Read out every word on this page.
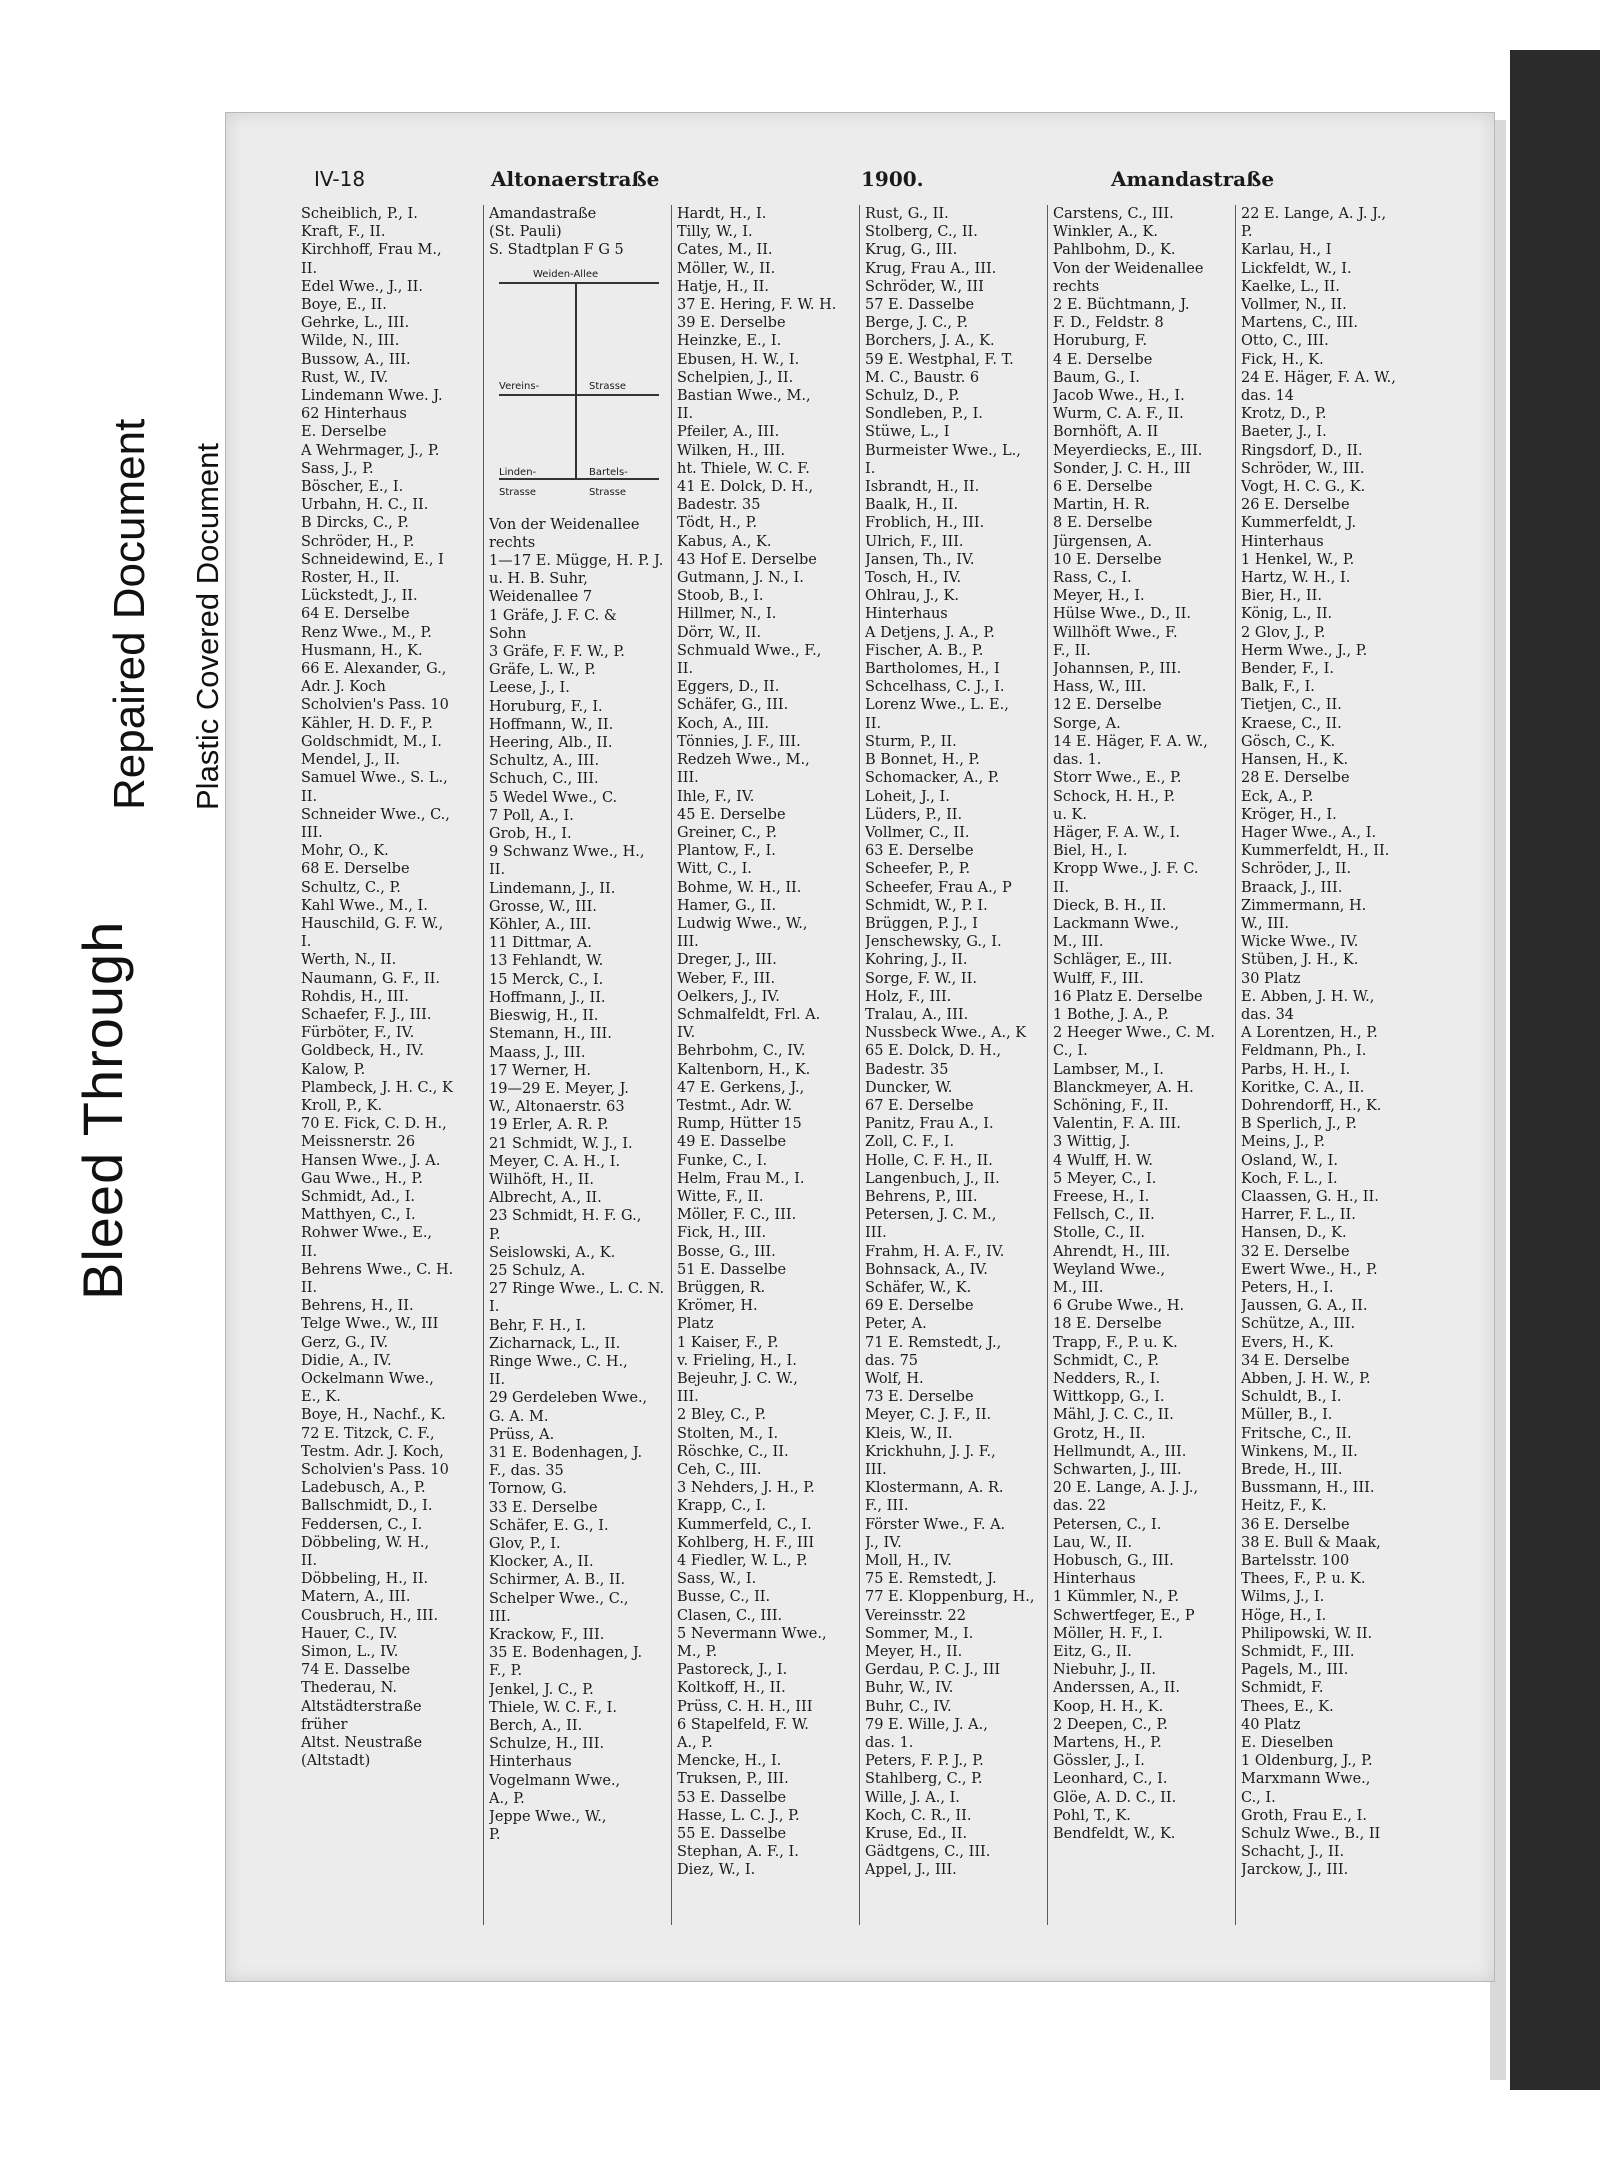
Bleed Through
Repaired Document Plastic Covered Document
IV-18	Altonaerstraße	1900.	Amandastraße
Scheiblich, P., I.
Kraft, F., II.
Kirchhoff, Frau M.,
II.
Edel Wwe., J., II.
Boye, E., II.
Gehrke, L., III.
Wilde, N., III.
Bussow, A., III.
Rust, W., IV.
Lindemann Wwe. J.
62 Hinterhaus
E. Derselbe
A Wehrmager, J., P.
Sass, J., P.
Böscher, E., I.
Urbahn, H. C., II.
B Dircks, C., P.
Schröder, H., P.
Schneidewind, E., I
Roster, H., II.
Lückstedt, J., II.
64 E. Derselbe
Renz Wwe., M., P.
Husmann, H., K.
66 E. Alexander, G.,
Adr. J. Koch
Scholvien's Pass. 10
Kähler, H. D. F., P.
Goldschmidt, M., I.
Mendel, J., II.
Samuel Wwe., S. L.,
II.
Schneider Wwe., C.,
III.
Mohr, O., K.
68 E. Derselbe
Schultz, C., P.
Kahl Wwe., M., I.
Hauschild, G. F. W.,
I.
Werth, N., II.
Naumann, G. F., II.
Rohdis, H., III.
Schaefer, F. J., III.
Fürböter, F., IV.
Goldbeck, H., IV.
Kalow, P.
Plambeck, J. H. C., K
Kroll, P., K.
70 E. Fick, C. D. H.,
Meissnerstr. 26
Hansen Wwe., J. A.
Gau Wwe., H., P.
Schmidt, Ad., I.
Matthyen, C., I.
Rohwer Wwe., E.,
II.
Behrens Wwe., C. H.
II.
Behrens, H., II.
Telge Wwe., W., III
Gerz, G., IV.
Didie, A., IV.
Ockelmann Wwe.,
E., K.
Boye, H., Nachf., K.
72 E. Titzck, C. F.,
Testm. Adr. J. Koch,
Scholvien's Pass. 10
Ladebusch, A., P.
Ballschmidt, D., I.
Feddersen, C., I.
Döbbeling, W. H.,
II.
Döbbeling, H., II.
Matern, A., III.
Cousbruch, H., III.
Hauer, C., IV.
Simon, L., IV.
74 E. Dasselbe
Thederau, N.
Altstädterstraße
früher
Altst. Neustraße
(Altstadt)
Amandastraße
(St. Pauli)
S. Stadtplan F G 5
Weiden-Allee
Vereins-	Strasse
Linden-	Bartels-
Strasse	Strasse
Von der Weidenallee
rechts
1—17 E. Mügge, H. P. J.
u. H. B. Suhr,
Weidenallee 7
1 Gräfe, J. F. C. &
Sohn
3 Gräfe, F. F. W., P.
Gräfe, L. W., P.
Leese, J., I.
Horuburg, F., I.
Hoffmann, W., II.
Heering, Alb., II.
Schultz, A., III.
Schuch, C., III.
5 Wedel Wwe., C.
7 Poll, A., I.
Grob, H., I.
9 Schwanz Wwe., H.,
II.
Lindemann, J., II.
Grosse, W., III.
Köhler, A., III.
11 Dittmar, A.
13 Fehlandt, W.
15 Merck, C., I.
Hoffmann, J., II.
Bieswig, H., II.
Stemann, H., III.
Maass, J., III.
17 Werner, H.
19—29 E. Meyer, J.
W., Altonaerstr. 63
19 Erler, A. R. P.
21 Schmidt, W. J., I.
Meyer, C. A. H., I.
Wilhöft, H., II.
Albrecht, A., II.
23 Schmidt, H. F. G.,
P.
Seislowski, A., K.
25 Schulz, A.
27 Ringe Wwe., L. C. N.
I.
Behr, F. H., I.
Zicharnack, L., II.
Ringe Wwe., C. H.,
II.
29 Gerdeleben Wwe.,
G. A. M.
Prüss, A.
31 E. Bodenhagen, J.
F., das. 35
Tornow, G.
33 E. Derselbe
Schäfer, E. G., I.
Glov, P., I.
Klocker, A., II.
Schirmer, A. B., II.
Schelper Wwe., C.,
III.
Krackow, F., III.
35 E. Bodenhagen, J.
F., P.
Jenkel, J. C., P.
Thiele, W. C. F., I.
Berch, A., II.
Schulze, H., III.
Hinterhaus
Vogelmann Wwe.,
A., P.
Jeppe Wwe., W.,
P.
Hardt, H., I.
Tilly, W., I.
Cates, M., II.
Möller, W., II.
Hatje, H., II.
37 E. Hering, F. W. H.
39 E. Derselbe
Heinzke, E., I.
Ebusen, H. W., I.
Schelpien, J., II.
Bastian Wwe., M.,
II.
Pfeiler, A., III.
Wilken, H., III.
ht. Thiele, W. C. F.
41 E. Dolck, D. H.,
Badestr. 35
Tödt, H., P.
Kabus, A., K.
43 Hof E. Derselbe
Gutmann, J. N., I.
Stoob, B., I.
Hillmer, N., I.
Dörr, W., II.
Schmuald Wwe., F.,
II.
Eggers, D., II.
Schäfer, G., III.
Koch, A., III.
Tönnies, J. F., III.
Redzeh Wwe., M.,
III.
Ihle, F., IV.
45 E. Derselbe
Greiner, C., P.
Plantow, F., I.
Witt, C., I.
Bohme, W. H., II.
Hamer, G., II.
Ludwig Wwe., W.,
III.
Dreger, J., III.
Weber, F., III.
Oelkers, J., IV.
Schmalfeldt, Frl. A.
IV.
Behrbohm, C., IV.
Kaltenborn, H., K.
47 E. Gerkens, J.,
Testmt., Adr. W.
Rump, Hütter 15
49 E. Dasselbe
Funke, C., I.
Helm, Frau M., I.
Witte, F., II.
Möller, F. C., III.
Fick, H., III.
Bosse, G., III.
51 E. Dasselbe
Brüggen, R.
Krömer, H.
Platz
1 Kaiser, F., P.
v. Frieling, H., I.
Bejeuhr, J. C. W.,
III.
2 Bley, C., P.
Stolten, M., I.
Röschke, C., II.
Ceh, C., III.
3 Nehders, J. H., P.
Krapp, C., I.
Kummerfeld, C., I.
Kohlberg, H. F., III
4 Fiedler, W. L., P.
Sass, W., I.
Busse, C., II.
Clasen, C., III.
5 Nevermann Wwe.,
M., P.
Pastoreck, J., I.
Koltkoff, H., II.
Prüss, C. H. H., III
6 Stapelfeld, F. W.
A., P.
Mencke, H., I.
Truksen, P., III.
53 E. Dasselbe
Hasse, L. C. J., P.
55 E. Dasselbe
Stephan, A. F., I.
Diez, W., I.
Rust, G., II.
Stolberg, C., II.
Krug, G., III.
Krug, Frau A., III.
Schröder, W., III
57 E. Dasselbe
Berge, J. C., P.
Borchers, J. A., K.
59 E. Westphal, F. T.
M. C., Baustr. 6
Schulz, D., P.
Sondleben, P., I.
Stüwe, L., I
Burmeister Wwe., L.,
I.
Isbrandt, H., II.
Baalk, H., II.
Froblich, H., III.
Ulrich, F., III.
Jansen, Th., IV.
Tosch, H., IV.
Ohlrau, J., K.
Hinterhaus
A Detjens, J. A., P.
Fischer, A. B., P.
Bartholomes, H., I
Schcelhass, C. J., I.
Lorenz Wwe., L. E.,
II.
Sturm, P., II.
B Bonnet, H., P.
Schomacker, A., P.
Loheit, J., I.
Lüders, P., II.
Vollmer, C., II.
63 E. Derselbe
Scheefer, P., P.
Scheefer, Frau A., P
Schmidt, W., P. I.
Brüggen, P. J., I
Jenschewsky, G., I.
Kohring, J., II.
Sorge, F. W., II.
Holz, F., III.
Tralau, A., III.
Nussbeck Wwe., A., K
65 E. Dolck, D. H.,
Badestr. 35
Duncker, W.
67 E. Derselbe
Panitz, Frau A., I.
Zoll, C. F., I.
Holle, C. F. H., II.
Langenbuch, J., II.
Behrens, P., III.
Petersen, J. C. M.,
III.
Frahm, H. A. F., IV.
Bohnsack, A., IV.
Schäfer, W., K.
69 E. Derselbe
Peter, A.
71 E. Remstedt, J.,
das. 75
Wolf, H.
73 E. Derselbe
Meyer, C. J. F., II.
Kleis, W., II.
Krickhuhn, J. J. F.,
III.
Klostermann, A. R.
F., III.
Förster Wwe., F. A.
J., IV.
Moll, H., IV.
75 E. Remstedt, J.
77 E. Kloppenburg, H.,
Vereinsstr. 22
Sommer, M., I.
Meyer, H., II.
Gerdau, P. C. J., III
Buhr, W., IV.
Buhr, C., IV.
79 E. Wille, J. A.,
das. 1.
Peters, F. P. J., P.
Stahlberg, C., P.
Wille, J. A., I.
Koch, C. R., II.
Kruse, Ed., II.
Gädtgens, C., III.
Appel, J., III.
Carstens, C., III.
Winkler, A., K.
Pahlbohm, D., K.
Von der Weidenallee
rechts
2 E. Büchtmann, J.
F. D., Feldstr. 8
Horuburg, F.
4 E. Derselbe
Baum, G., I.
Jacob Wwe., H., I.
Wurm, C. A. F., II.
Bornhöft, A. II
Meyerdiecks, E., III.
Sonder, J. C. H., III
6 E. Derselbe
Martin, H. R.
8 E. Derselbe
Jürgensen, A.
10 E. Derselbe
Rass, C., I.
Meyer, H., I.
Hülse Wwe., D., II.
Willhöft Wwe., F.
F., II.
Johannsen, P., III.
Hass, W., III.
12 E. Derselbe
Sorge, A.
14 E. Häger, F. A. W.,
das. 1.
Storr Wwe., E., P.
Schock, H. H., P.
u. K.
Häger, F. A. W., I.
Biel, H., I.
Kropp Wwe., J. F. C.
II.
Dieck, B. H., II.
Lackmann Wwe.,
M., III.
Schläger, E., III.
Wulff, F., III.
16 Platz E. Derselbe
1 Bothe, J. A., P.
2 Heeger Wwe., C. M.
C., I.
Lambser, M., I.
Blanckmeyer, A. H.
Schöning, F., II.
Valentin, F. A. III.
3 Wittig, J.
4 Wulff, H. W.
5 Meyer, C., I.
Freese, H., I.
Fellsch, C., II.
Stolle, C., II.
Ahrendt, H., III.
Weyland Wwe.,
M., III.
6 Grube Wwe., H.
18 E. Derselbe
Trapp, F., P. u. K.
Schmidt, C., P.
Nedders, R., I.
Wittkopp, G., I.
Mähl, J. C. C., II.
Grotz, H., II.
Hellmundt, A., III.
Schwarten, J., III.
20 E. Lange, A. J. J.,
das. 22
Petersen, C., I.
Lau, W., II.
Hobusch, G., III.
Hinterhaus
1 Kümmler, N., P.
Schwertfeger, E., P
Möller, H. F., I.
Eitz, G., II.
Niebuhr, J., II.
Anderssen, A., II.
Koop, H. H., K.
2 Deepen, C., P.
Martens, H., P.
Gössler, J., I.
Leonhard, C., I.
Glöe, A. D. C., II.
Pohl, T., K.
Bendfeldt, W., K.
22 E. Lange, A. J. J.,
P.
Karlau, H., I
Lickfeldt, W., I.
Kaelke, L., II.
Vollmer, N., II.
Martens, C., III.
Otto, C., III.
Fick, H., K.
24 E. Häger, F. A. W.,
das. 14
Krotz, D., P.
Baeter, J., I.
Ringsdorf, D., II.
Schröder, W., III.
Vogt, H. C. G., K.
26 E. Derselbe
Kummerfeldt, J.
Hinterhaus
1 Henkel, W., P.
Hartz, W. H., I.
Bier, H., II.
König, L., II.
2 Glov, J., P.
Herm Wwe., J., P.
Bender, F., I.
Balk, F., I.
Tietjen, C., II.
Kraese, C., II.
Gösch, C., K.
Hansen, H., K.
28 E. Derselbe
Eck, A., P.
Kröger, H., I.
Hager Wwe., A., I.
Kummerfeldt, H., II.
Schröder, J., II.
Braack, J., III.
Zimmermann, H.
W., III.
Wicke Wwe., IV.
Stüben, J. H., K.
30 Platz
E. Abben, J. H. W.,
das. 34
A Lorentzen, H., P.
Feldmann, Ph., I.
Parbs, H. H., I.
Koritke, C. A., II.
Dohrendorff, H., K.
B Sperlich, J., P.
Meins, J., P.
Osland, W., I.
Koch, F. L., I.
Claassen, G. H., II.
Harrer, F. L., II.
Hansen, D., K.
32 E. Derselbe
Ewert Wwe., H., P.
Peters, H., I.
Jaussen, G. A., II.
Schütze, A., III.
Evers, H., K.
34 E. Derselbe
Abben, J. H. W., P.
Schuldt, B., I.
Müller, B., I.
Fritsche, C., II.
Winkens, M., II.
Brede, H., III.
Bussmann, H., III.
Heitz, F., K.
36 E. Derselbe
38 E. Bull & Maak,
Bartelsstr. 100
Thees, F., P. u. K.
Wilms, J., I.
Höge, H., I.
Philipowski, W. II.
Schmidt, F., III.
Pagels, M., III.
Schmidt, F.
Thees, E., K.
40 Platz
E. Dieselben
1 Oldenburg, J., P.
Marxmann Wwe.,
C., I.
Groth, Frau E., I.
Schulz Wwe., B., II
Schacht, J., II.
Jarckow, J., III.
